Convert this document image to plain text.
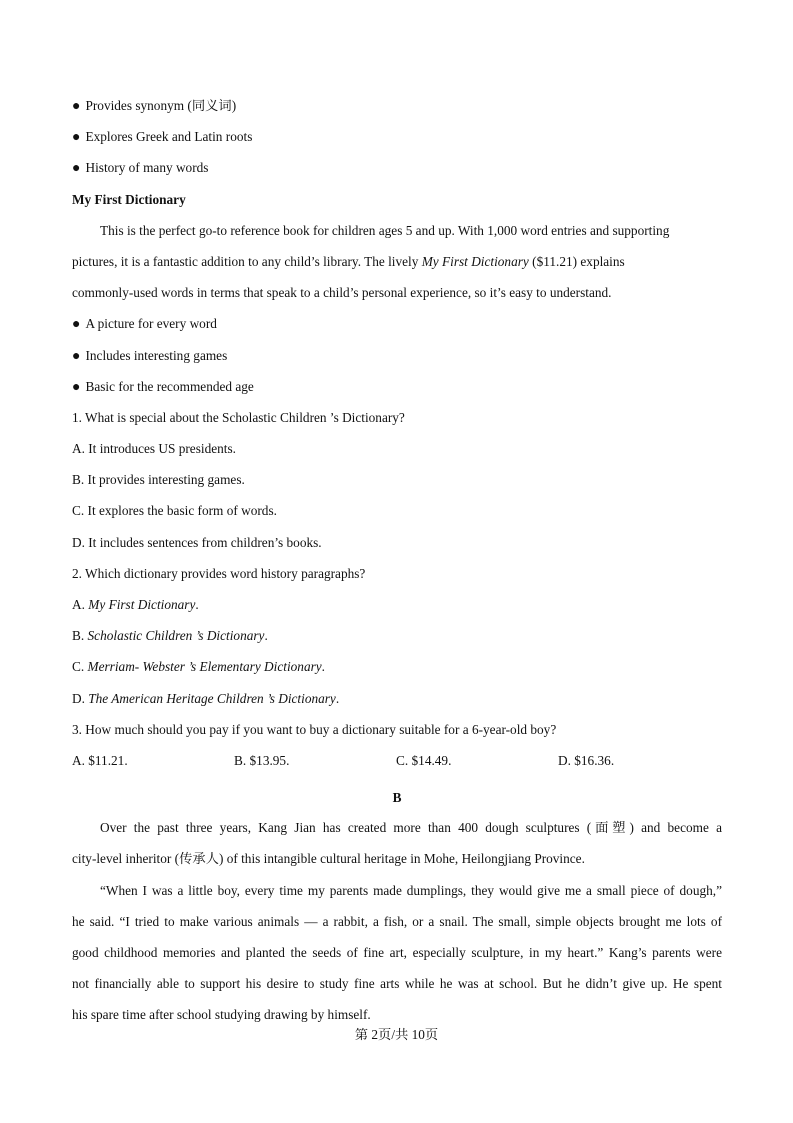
● Provides synonym (同义词)
● Explores Greek and Latin roots
● History of many words
My First Dictionary
This is the perfect go-to reference book for children ages 5 and up. With 1,000 word entries and supporting
pictures, it is a fantastic addition to any child’s library. The lively My First Dictionary ($11.21) explains
commonly-used words in terms that speak to a child’s personal experience, so it’s easy to understand.
● A picture for every word
● Includes interesting games
● Basic for the recommended age
1. What is special about the Scholastic Children ’s Dictionary?
A. It introduces US presidents.
B. It provides interesting games.
C. It explores the basic form of words.
D. It includes sentences from children’s books.
2. Which dictionary provides word history paragraphs?
A. My First Dictionary.
B. Scholastic Children ’s Dictionary.
C. Merriam- Webster ’s Elementary Dictionary.
D. The American Heritage Children ’s Dictionary.
3. How much should you pay if you want to buy a dictionary suitable for a 6-year-old boy?
A. $11.21.	B. $13.95.	C. $14.49.	D. $16.36.
B
Over the past three years, Kang Jian has created more than 400 dough sculptures (面塑) and become a
city-level inheritor (传承人) of this intangible cultural heritage in Mohe, Heilongjiang Province.
“When I was a little boy, every time my parents made dumplings, they would give me a small piece of dough,”
he said. “I tried to make various animals — a rabbit, a fish, or a snail. The small, simple objects brought me lots of
good childhood memories and planted the seeds of fine art, especially sculpture, in my heart.” Kang’s parents were
not financially able to support his desire to study fine arts while he was at school. But he didn’t give up. He spent
his spare time after school studying drawing by himself.
第 2页/共 10页
